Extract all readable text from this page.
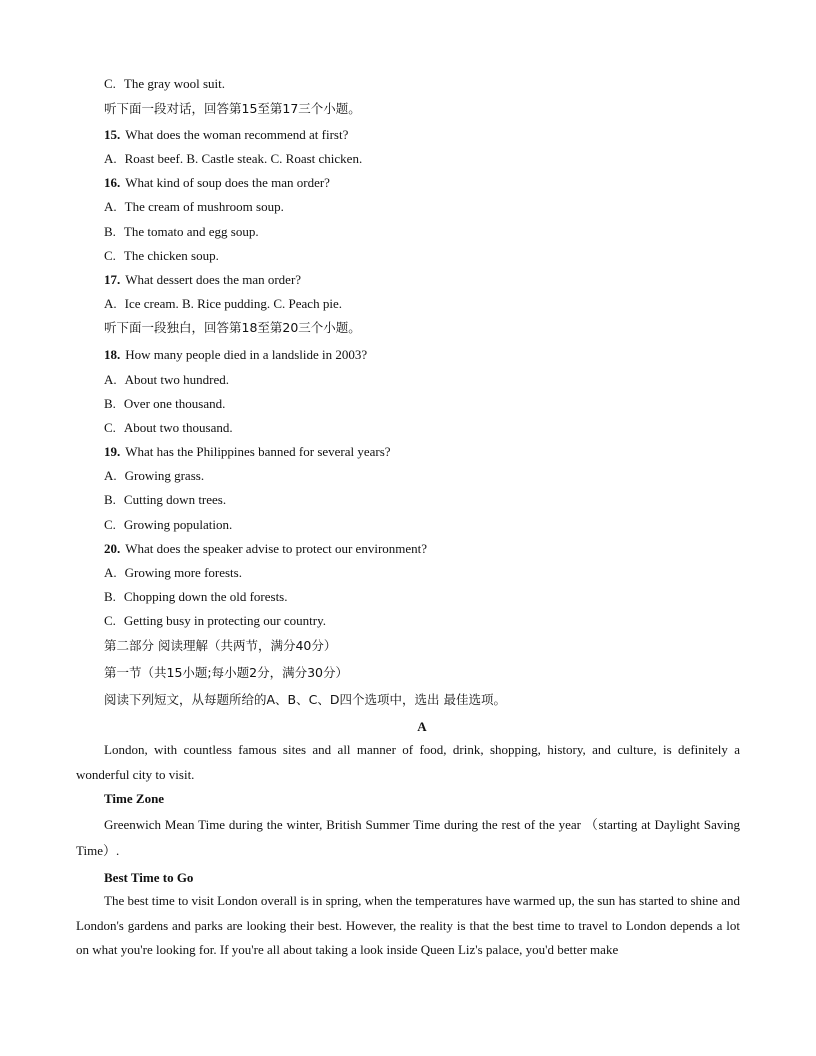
C. The gray wool suit.
听下面一段对话，回答第15至第17三个小题。
15. What does the woman recommend at first?
A. Roast beef. B. Castle steak. C. Roast chicken.
16. What kind of soup does the man order?
A. The cream of mushroom soup.
B. The tomato and egg soup.
C. The chicken soup.
17. What dessert does the man order?
A. Ice cream. B. Rice pudding. C. Peach pie.
听下面一段独白，回答第18至第20三个小题。
18. How many people died in a landslide in 2003?
A. About two hundred.
B. Over one thousand.
C. About two thousand.
19. What has the Philippines banned for several years?
A. Growing grass.
B. Cutting down trees.
C. Growing population.
20. What does the speaker advise to protect our environment?
A. Growing more forests.
B. Chopping down the old forests.
C. Getting busy in protecting our country.
第二部分 阅读理解（共两节，满分40分）
第一节（共15小题;每小题2分，满分30分）
阅读下列短文，从每题所给的A、B、C、D四个选项中，选出 最佳选项。
A
London, with countless famous sites and all manner of food, drink, shopping, history, and culture, is definitely a wonderful city to visit.
Time Zone
Greenwich Mean Time during the winter, British Summer Time during the rest of the year （starting at Daylight Saving Time）.
Best Time to Go
The best time to visit London overall is in spring, when the temperatures have warmed up, the sun has started to shine and London's gardens and parks are looking their best. However, the reality is that the best time to travel to London depends a lot on what you're looking for. If you're all about taking a look inside Queen Liz's palace, you'd better make
